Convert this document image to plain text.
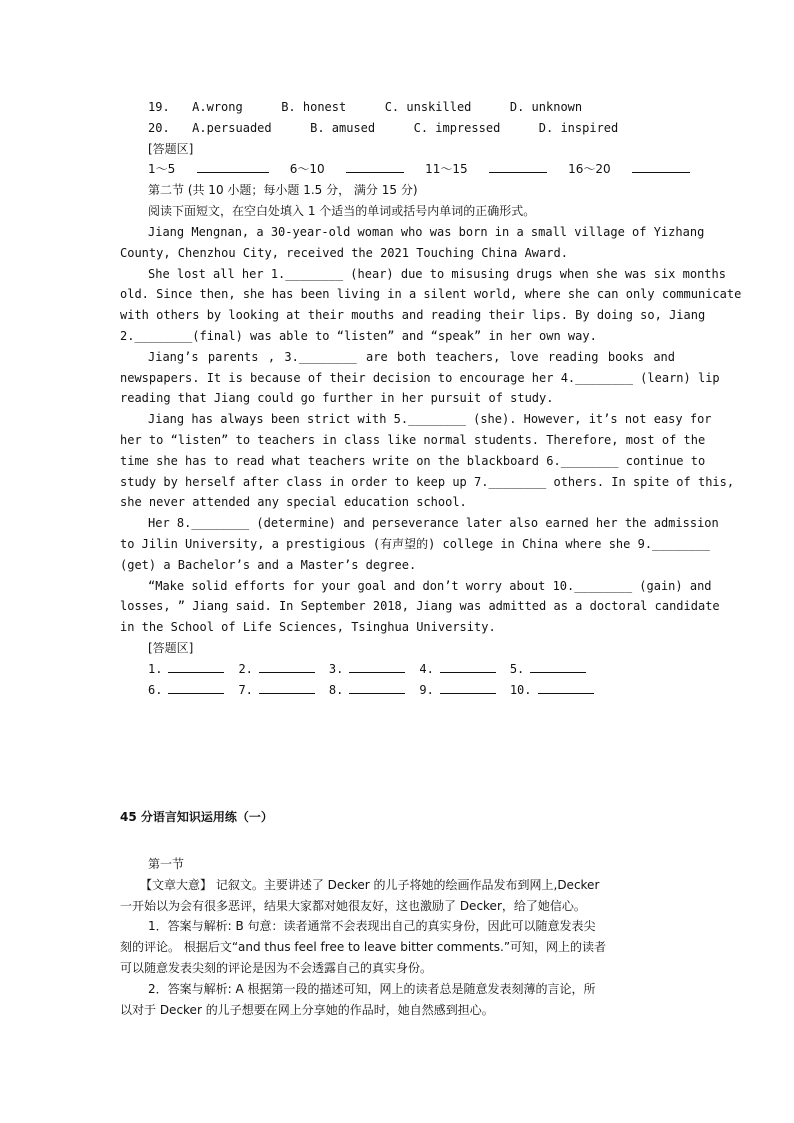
19. A.wrong	B. honest	C. unskilled	D. unknown
20. A.persuaded	B. amused	C. impressed	D. inspired
[答题区]
1～5	6～10	11～15	16～20
第二节 (共 10 小题；每小题 1.5 分， 满分 15 分)
阅读下面短文，在空白处填入 1 个适当的单词或括号内单词的正确形式。
Jiang Mengnan, a 30-year-old woman who was born in a small village of Yizhang
County, Chenzhou City, received the 2021 Touching China Award.
She lost all her 1.________ (hear) due to misusing drugs when she was six months
old. Since then, she has been living in a silent world, where she can only communicate
with others by looking at their mouths and reading their lips. By doing so, Jiang
2.________(final) was able to “listen” and “speak” in her own way.
Jiang’s parents , 3.________ are both teachers, love reading books and
newspapers. It is because of their decision to encourage her 4.________ (learn) lip
reading that Jiang could go further in her pursuit of study.
Jiang has always been strict with 5.________ (she). However, it’s not easy for
her to “listen” to teachers in class like normal students. Therefore, most of the
time she has to read what teachers write on the blackboard 6.________ continue to
study by herself after class in order to keep up 7.________ others. In spite of this,
she never attended any special education school.
Her 8.________ (determine) and perseverance later also earned her the admission
to Jilin University, a prestigious (有声望的) college in China where she 9.________
(get) a Bachelor’s and a Master’s degree.
“Make solid efforts for your goal and don’t worry about 10.________ (gain) and
losses, ” Jiang said. In September 2018, Jiang was admitted as a doctoral candidate
in the School of Life Sciences, Tsinghua University.
[答题区]
1.	2.	3.	4.	5.
6.	7.	8.	9.	10.
45 分语言知识运用练（一）
第一节
【文章大意】 记叙文。主要讲述了 Decker 的儿子将她的绘画作品发布到网上,Decker
一开始以为会有很多恶评，结果大家都对她很友好，这也激励了 Decker，给了她信心。
1．答案与解析: B 句意：读者通常不会表现出自己的真实身份，因此可以随意发表尖
刻的评论。 根据后文“and thus feel free to leave bitter comments.”可知，网上的读者
可以随意发表尖刻的评论是因为不会透露自己的真实身份。
2．答案与解析: A 根据第一段的描述可知，网上的读者总是随意发表刻薄的言论，所
以对于 Decker 的儿子想要在网上分享她的作品时，她自然感到担心。
